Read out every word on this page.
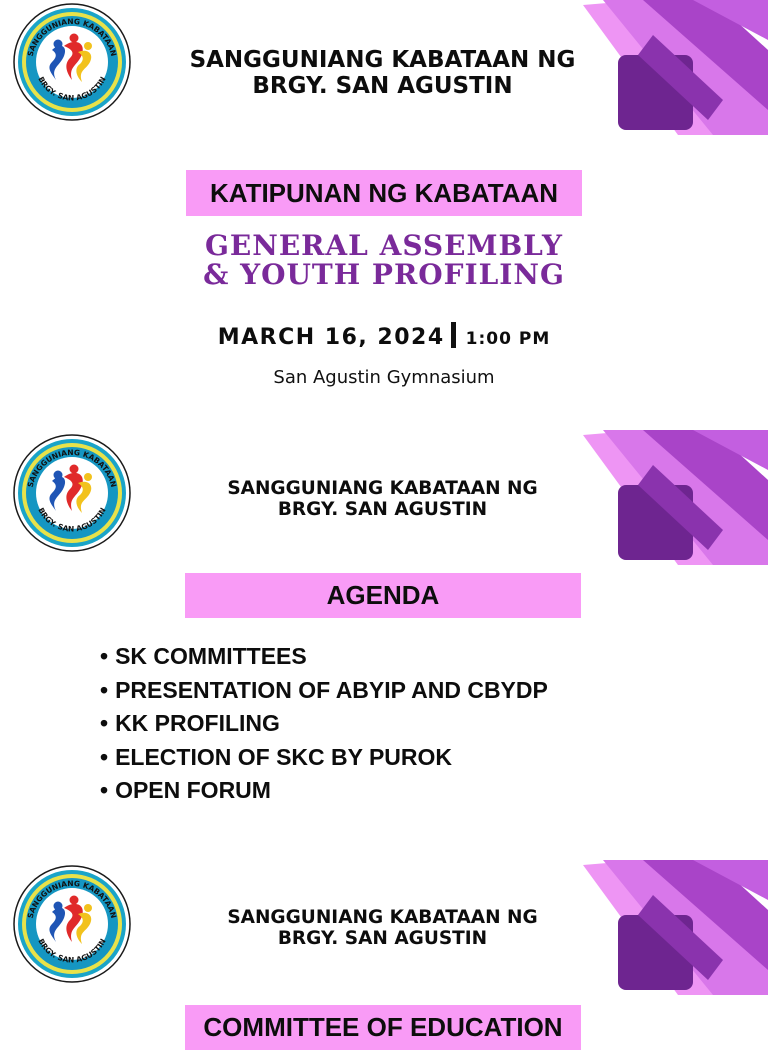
SANGGUNIANG KABATAAN NG
BRGY. SAN AGUSTIN
KATIPUNAN NG KABATAAN
GENERAL ASSEMBLY
& YOUTH PROFILING
MARCH 16, 2024 1:00 PM
San Agustin Gymnasium
SANGGUNIANG KABATAAN NG
BRGY. SAN AGUSTIN
AGENDA
• SK COMMITTEES
• PRESENTATION OF ABYIP AND CBYDP
• KK PROFILING
• ELECTION OF SKC BY PUROK
• OPEN FORUM
SANGGUNIANG KABATAAN NG
BRGY. SAN AGUSTIN
COMMITTEE OF EDUCATION
